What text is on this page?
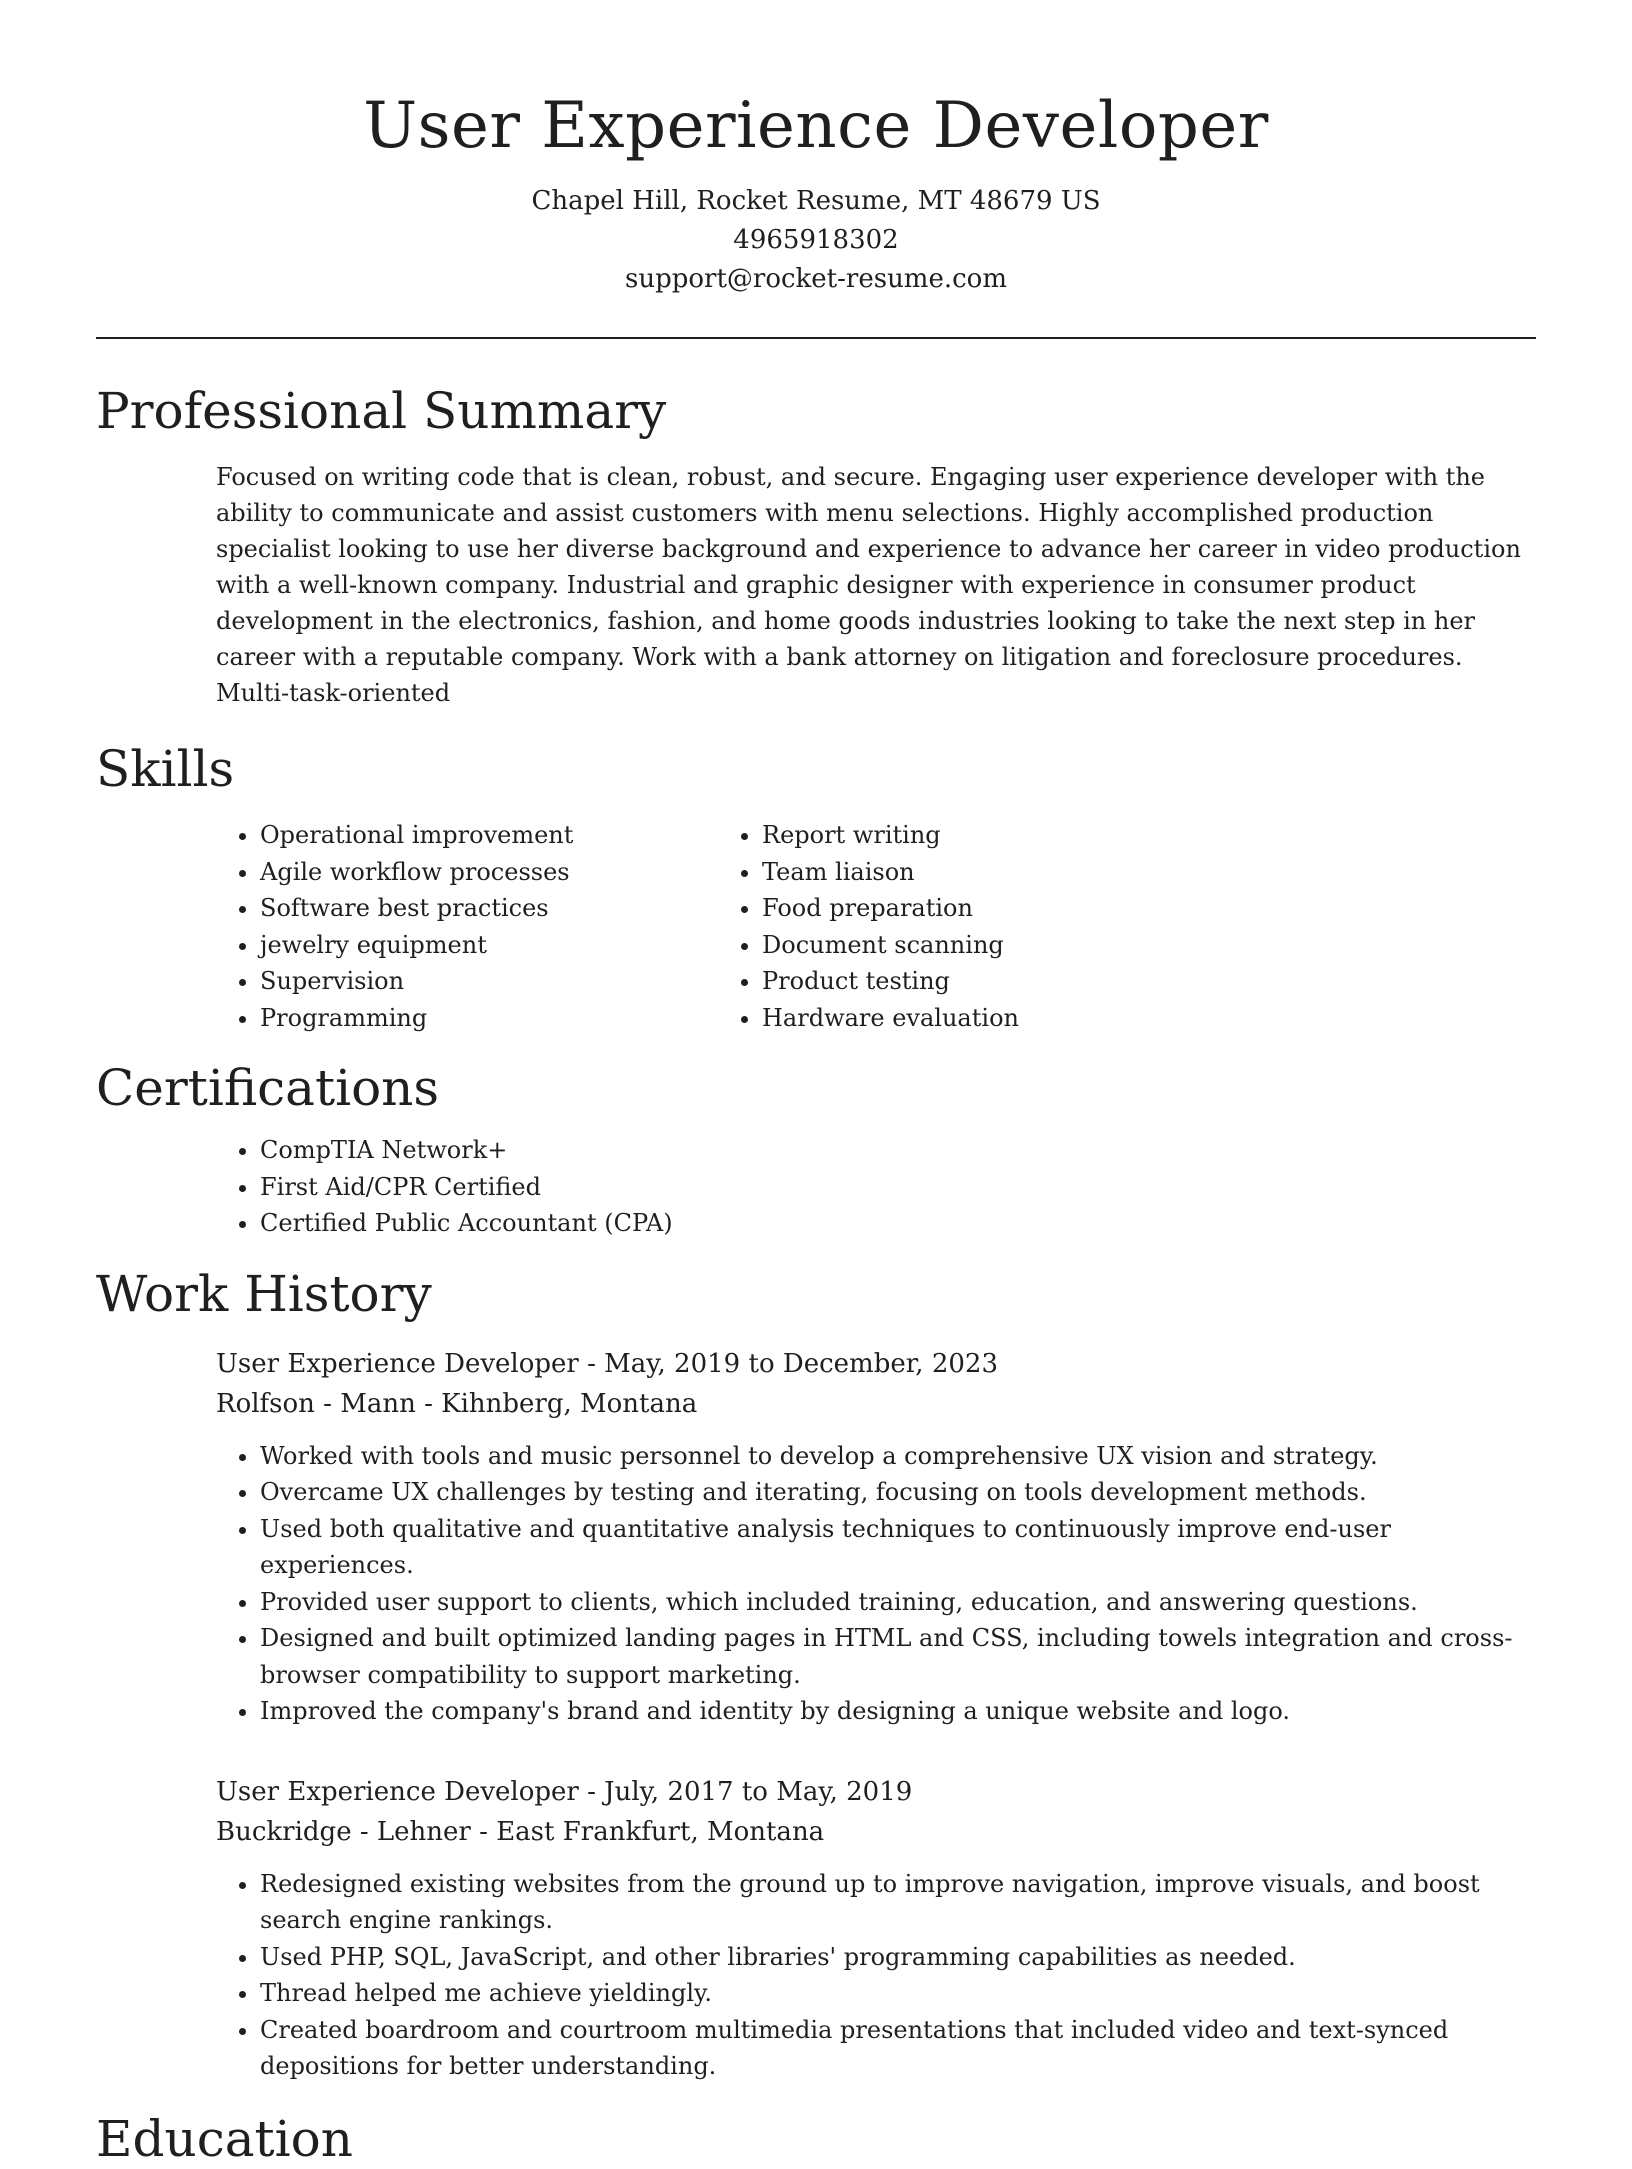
User Experience Developer
Chapel Hill, Rocket Resume, MT 48679 US
4965918302
support@rocket-resume.com
Professional Summary

Focused on writing code that is clean, robust, and secure. Engaging user experience developer with the ability to communicate and assist customers with menu selections. Highly accomplished production specialist looking to use her diverse background and experience to advance her career in video production with a well-known company. Industrial and graphic designer with experience in consumer product development in the electronics, fashion, and home goods industries looking to take the next step in her career with a reputable company. Work with a bank attorney on litigation and foreclosure procedures. Multi-task-oriented

Skills
• Operational improvement
• Agile workflow processes
• Software best practices
• jewelry equipment
• Supervision
• Programming
• Report writing
• Team liaison
• Food preparation
• Document scanning
• Product testing
• Hardware evaluation
Certifications
• CompTIA Network+
• First Aid/CPR Certified
• Certified Public Accountant (CPA)
Work History
User Experience Developer - May, 2019 to December, 2023
Rolfson - Mann - Kihnberg, Montana
• Worked with tools and music personnel to develop a comprehensive UX vision and strategy.
• Overcame UX challenges by testing and iterating, focusing on tools development methods.
• Used both qualitative and quantitative analysis techniques to continuously improve end-user experiences.
• Provided user support to clients, which included training, education, and answering questions.
• Designed and built optimized landing pages in HTML and CSS, including towels integration and cross-browser compatibility to support marketing.
• Improved the company's brand and identity by designing a unique website and logo.
User Experience Developer - July, 2017 to May, 2019
Buckridge - Lehner - East Frankfurt, Montana
• Redesigned existing websites from the ground up to improve navigation, improve visuals, and boost search engine rankings.
• Used PHP, SQL, JavaScript, and other libraries' programming capabilities as needed.
• Thread helped me achieve yieldingly.
• Created boardroom and courtroom multimedia presentations that included video and text-synced depositions for better understanding.
Education
